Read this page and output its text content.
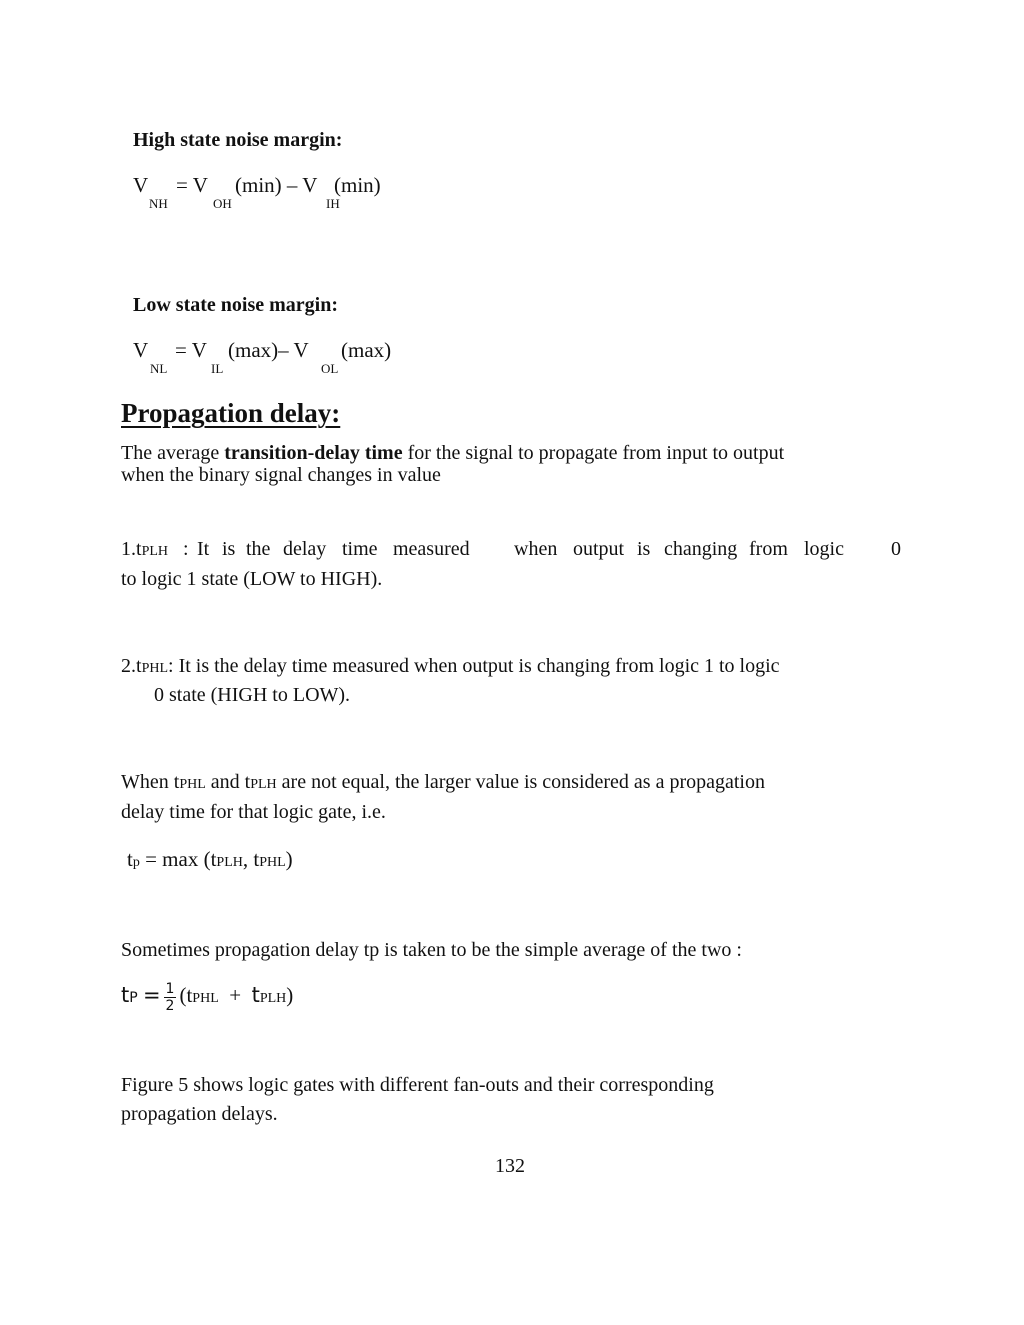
High state noise margin:
V = V (min) – V (min)
NH	OH	IH
Low state noise margin:
V = V (max)– V (max)
NL	IL	OL
Propagation delay:
The average transition-delay time for the signal to propagate from input to output
when the binary signal changes in value
1.tPLH : It is the delay time measured when output is changing from logic 0
to logic 1 state (LOW to HIGH).
2.tPHL: It is the delay time measured when output is changing from logic 1 to logic
0 state (HIGH to LOW).
When tPHL and tPLH are not equal, the larger value is considered as a propagation
delay time for that logic gate, i.e.
tp = max (tPLH, tPHL)
Sometimes propagation delay tp is taken to be the simple average of the two :
tP = $\frac{1}{2}$ (tPHL + tPLH)
Figure 5 shows logic gates with different fan-outs and their corresponding
propagation delays.
132
